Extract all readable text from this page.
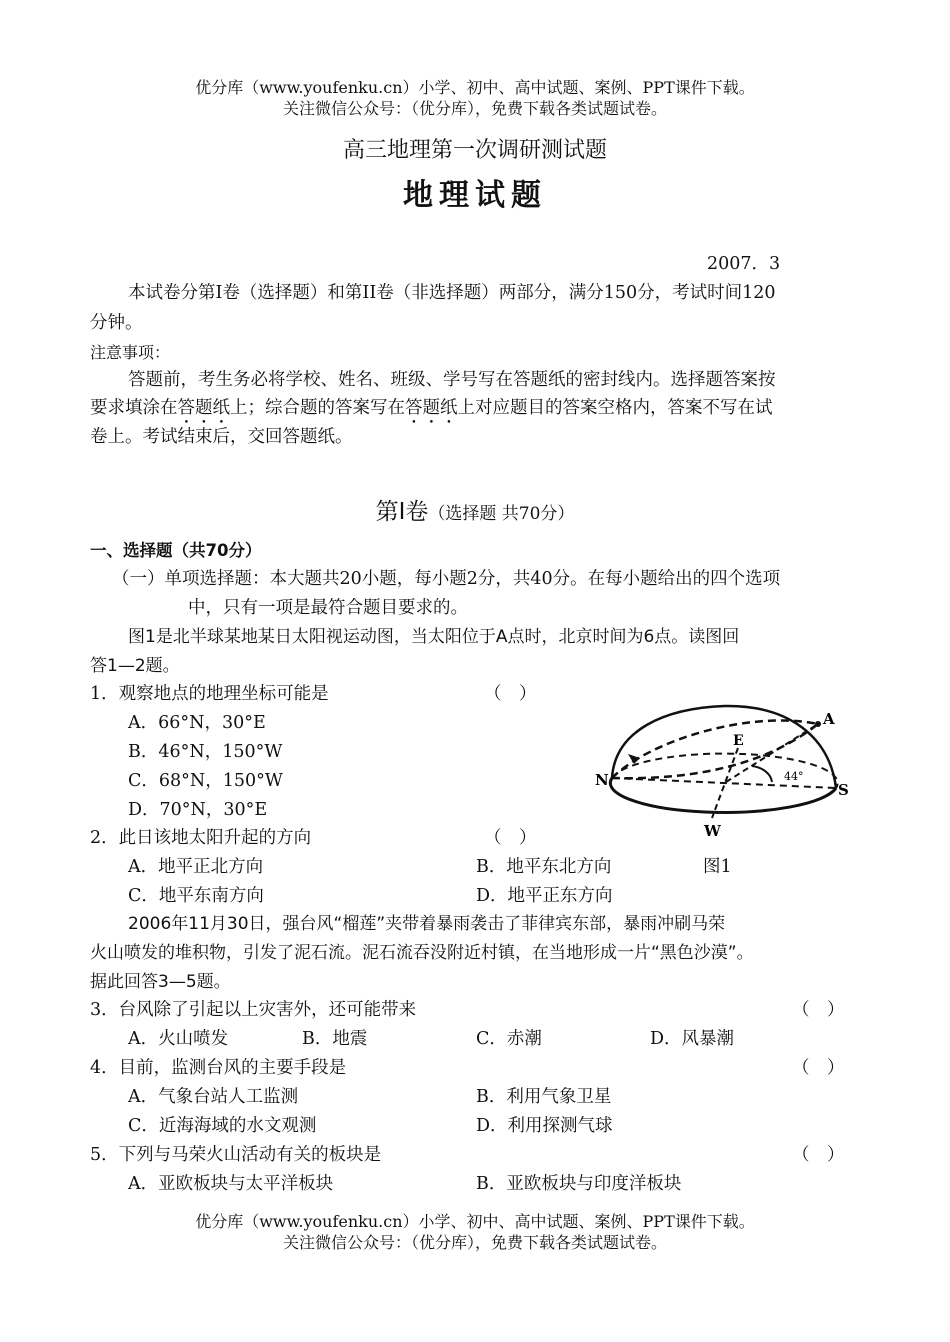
优分库（www.youfenku.cn）小学、初中、高中试题、案例、PPT课件下载。
关注微信公众号：（优分库），免费下载各类试题试卷。
高三地理第一次调研测试题
地理试题
2007．3
本试卷分第I卷（选择题）和第II卷（非选择题）两部分，满分150分，考试时间120
分钟。
注意事项：
答题前，考生务必将学校、姓名、班级、学号写在答题纸的密封线内。选择题答案按
要求填涂在答题纸上；综合题的答案写在答题纸上对应题目的答案空格内，答案不写在试
卷上。考试结束后，交回答题纸。
第Ⅰ卷（选择题 共70分）
一、选择题（共70分）
（一）单项选择题：本大题共20小题，每小题2分，共40分。在每小题给出的四个选项
中，只有一项是最符合题目要求的。
图1是北半球某地某日太阳视运动图，当太阳位于A点时，北京时间为6点。读图回
答1—2题。
1．观察地点的地理坐标可能是	（　）
A．66°N，30°E
B．46°N，150°W
C．68°N，150°W
D．70°N，30°E
2．此日该地太阳升起的方向	（　）
A．地平正北方向	B．地平东北方向
C．地平东南方向	D．地平正东方向
A
E
N
S
W
44°
图1
2006年11月30日，强台风“榴莲”夹带着暴雨袭击了菲律宾东部，暴雨冲刷马荣
火山喷发的堆积物，引发了泥石流。泥石流吞没附近村镇，在当地形成一片“黑色沙漠”。
据此回答3—5题。
3．台风除了引起以上灾害外，还可能带来	（　）
A．火山喷发	B．地震	C．赤潮	D．风暴潮
4．目前，监测台风的主要手段是	（　）
A．气象台站人工监测	B．利用气象卫星
C．近海海域的水文观测	D．利用探测气球
5．下列与马荣火山活动有关的板块是	（　）
A．亚欧板块与太平洋板块	B．亚欧板块与印度洋板块
优分库（www.youfenku.cn）小学、初中、高中试题、案例、PPT课件下载。
关注微信公众号：（优分库），免费下载各类试题试卷。
